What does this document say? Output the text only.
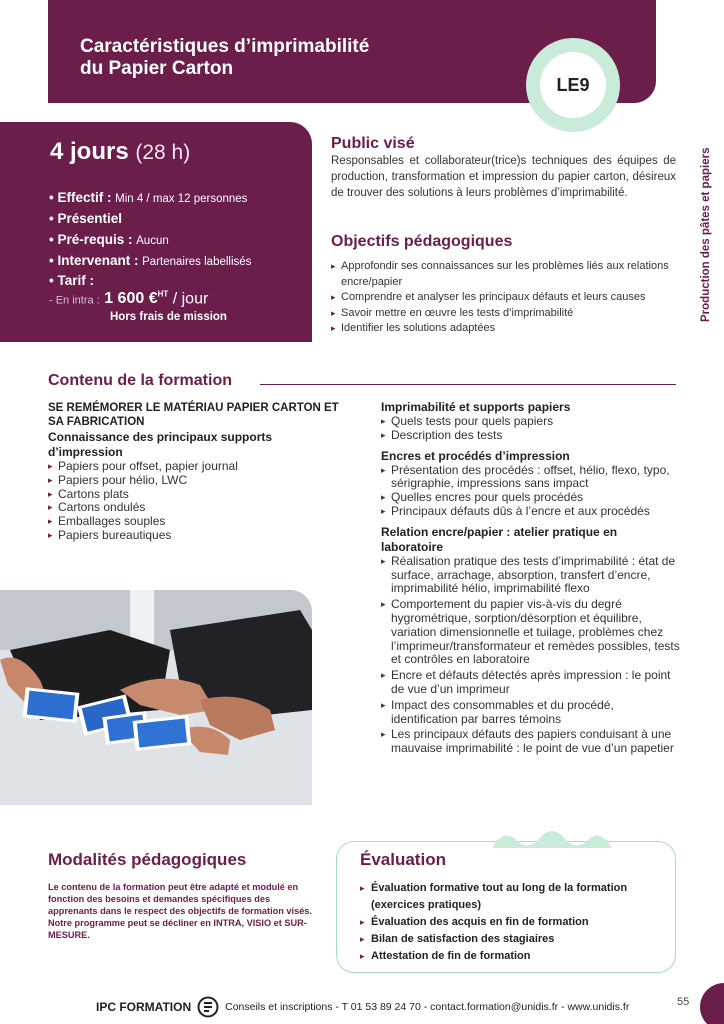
Caractéristiques d’imprimabilité
du Papier Carton
LE9
Production des pâtes et papiers
4 jours (28 h)
• Effectif : Min 4 / max 12 personnes
• Présentiel
• Pré-requis : Aucun
• Intervenant : Partenaires labellisés
• Tarif :
- En intra : 1 600 €$^{HT}$ / jour
Hors frais de mission
Public visé
Responsables et collaborateur(trice)s techniques des équipes de production, transformation et impression du papier carton, désireux de trouver des solutions à leurs problèmes d’imprimabilité.
Objectifs pédagogiques
▸ Approfondir ses connaissances sur les problèmes liés aux relations encre/papier
▸ Comprendre et analyser les principaux défauts et leurs causes
▸ Savoir mettre en œuvre les tests d’imprimabilité
▸ Identifier les solutions adaptées
Contenu de la formation
SE REMÉMORER LE MATÉRIAU PAPIER CARTON ET SA FABRICATION
Connaissance des principaux supports d’impression
▸ Papiers pour offset, papier journal
▸ Papiers pour hélio, LWC
▸ Cartons plats
▸ Cartons ondulés
▸ Emballages souples
▸ Papiers bureautiques
Imprimabilité et supports papiers
▸ Quels tests pour quels papiers
▸ Description des tests
Encres et procédés d’impression
▸ Présentation des procédés : offset, hélio, flexo, typo, sérigraphie, impressions sans impact
▸ Quelles encres pour quels procédés
▸ Principaux défauts dûs à l’encre et aux procédés
Relation encre/papier : atelier pratique en laboratoire
▸ Réalisation pratique des tests d’imprimabilité : état de surface, arrachage, absorption, transfert d’encre, imprimabilité hélio, imprimabilité flexo
▸ Comportement du papier vis-à-vis du degré hygrométrique, sorption/désorption et équilibre, variation dimensionnelle et tuilage, problèmes chez l’imprimeur/transformateur et remèdes possibles, tests et contrôles en laboratoire
▸ Encre et défauts détectés après impression : le point de vue d’un imprimeur
▸ Impact des consommables et du procédé, identification par barres témoins
▸ Les principaux défauts des papiers conduisant à une mauvaise imprimabilité : le point de vue d’un papetier
Modalités pédagogiques
Le contenu de la formation peut être adapté et modulé en fonction des besoins et demandes spécifiques des apprenants dans le respect des objectifs de formation visés. Notre programme peut se décliner en INTRA, VISIO et SUR-MESURE.
Évaluation
▸ Évaluation formative tout au long de la formation (exercices pratiques)
▸ Évaluation des acquis en fin de formation
▸ Bilan de satisfaction des stagiaires
▸ Attestation de fin de formation
IPC FORMATION	Conseils et inscriptions - T 01 53 89 24 70 - contact.formation@unidis.fr - www.unidis.fr	55
